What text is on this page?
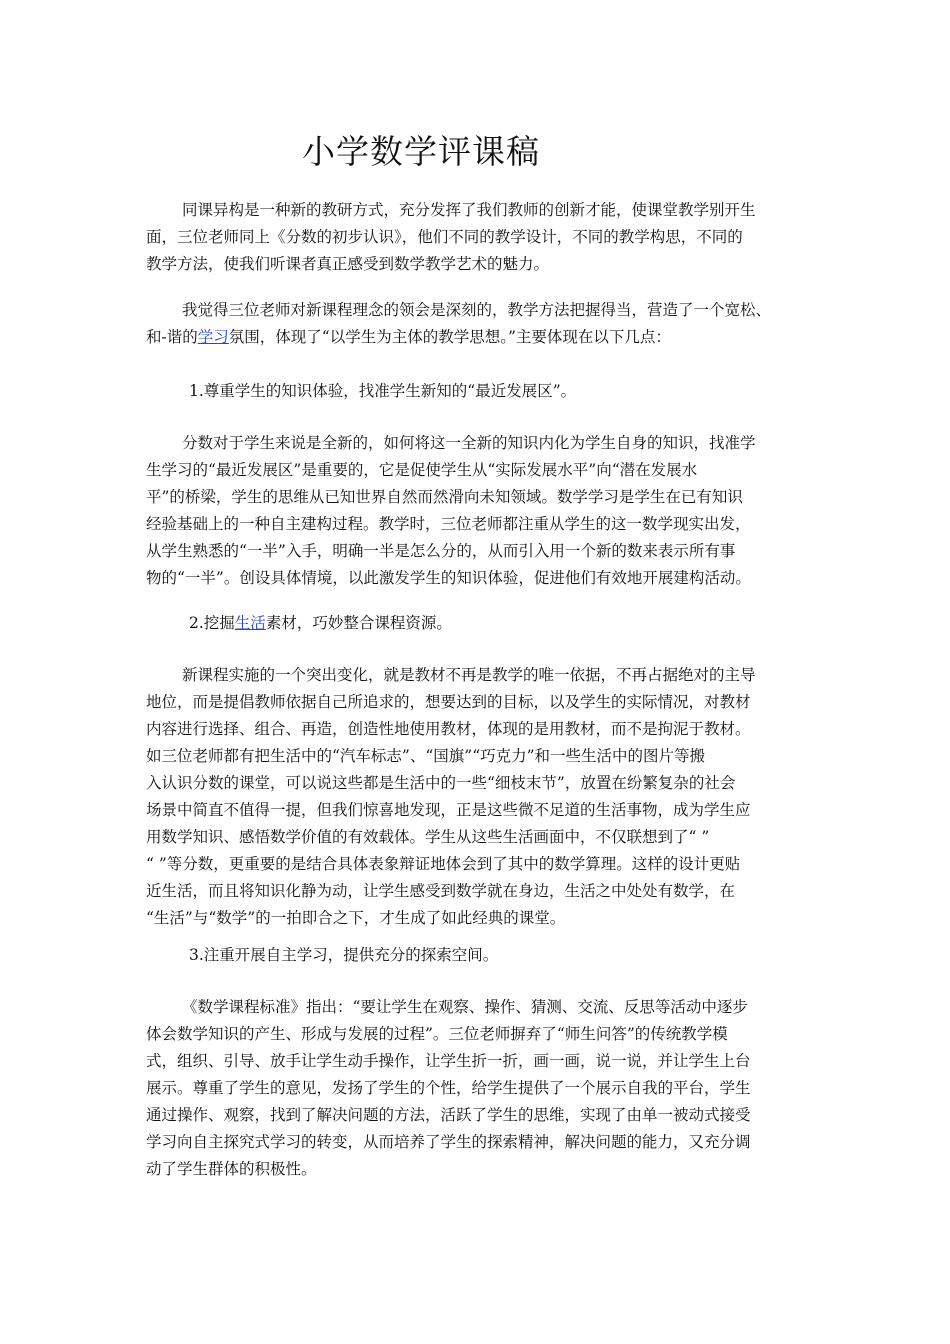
小学数学评课稿
同课异构是一种新的教研方式，充分发挥了我们教师的创新才能，使课堂教学别开生
面，三位老师同上《分数的初步认识》，他们不同的教学设计，不同的教学构思，不同的
教学方法，使我们听课者真正感受到数学教学艺术的魅力。
我觉得三位老师对新课程理念的领会是深刻的，教学方法把握得当，营造了一个宽松、
和-谐的学习氛围，体现了“以学生为主体的教学思想。”主要体现在以下几点：
1.尊重学生的知识体验，找准学生新知的“最近发展区”。
分数对于学生来说是全新的，如何将这一全新的知识内化为学生自身的知识，找准学
生学习的“最近发展区”是重要的，它是促使学生从“实际发展水平”向“潜在发展水
平”的桥梁，学生的思维从已知世界自然而然滑向未知领域。数学学习是学生在已有知识
经验基础上的一种自主建构过程。教学时，三位老师都注重从学生的这一数学现实出发，
从学生熟悉的“一半”入手，明确一半是怎么分的，从而引入用一个新的数来表示所有事
物的“一半”。创设具体情境，以此激发学生的知识体验，促进他们有效地开展建构活动。
2.挖掘生活素材，巧妙整合课程资源。
新课程实施的一个突出变化，就是教材不再是教学的唯一依据，不再占据绝对的主导
地位，而是提倡教师依据自己所追求的，想要达到的目标，以及学生的实际情况，对教材
内容进行选择、组合、再造，创造性地使用教材，体现的是用教材，而不是拘泥于教材。
如三位老师都有把生活中的“汽车标志”、“国旗”“巧克力”和一些生活中的图片等搬
入认识分数的课堂，可以说这些都是生活中的一些“细枝末节”，放置在纷繁复杂的社会
场景中简直不值得一提，但我们惊喜地发现，正是这些微不足道的生活事物，成为学生应
用数学知识、感悟数学价值的有效载体。学生从这些生活画面中，不仅联想到了“ ”
“ ”等分数，更重要的是结合具体表象辩证地体会到了其中的数学算理。这样的设计更贴
近生活，而且将知识化静为动，让学生感受到数学就在身边，生活之中处处有数学，在
“生活”与“数学”的一拍即合之下，才生成了如此经典的课堂。
3.注重开展自主学习，提供充分的探索空间。
《数学课程标准》指出：“要让学生在观察、操作、猜测、交流、反思等活动中逐步
体会数学知识的产生、形成与发展的过程”。三位老师摒弃了“师生问答”的传统教学模
式，组织、引导、放手让学生动手操作，让学生折一折，画一画，说一说，并让学生上台
展示。尊重了学生的意见，发扬了学生的个性，给学生提供了一个展示自我的平台，学生
通过操作、观察，找到了解决问题的方法，活跃了学生的思维，实现了由单一被动式接受
学习向自主探究式学习的转变，从而培养了学生的探索精神，解决问题的能力，又充分调
动了学生群体的积极性。
